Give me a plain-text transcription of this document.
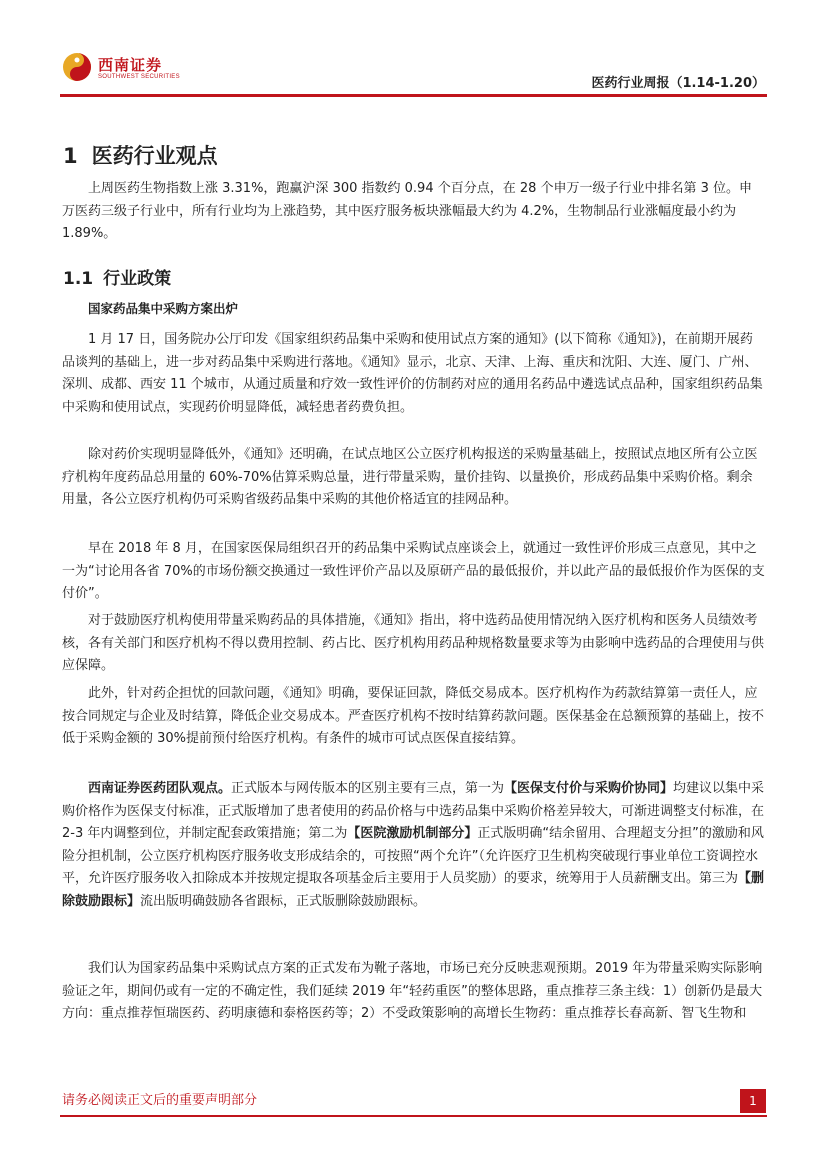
西南证券
SOUTHWEST SECURITIES	医药行业周报（1.14-1.20）
1 医药行业观点

上周医药生物指数上涨 3.31%，跑赢沪深 300 指数约 0.94 个百分点，在 28 个申万一级子行业中排名第 3 位。申万医药三级子行业中，所有行业均为上涨趋势，其中医疗服务板块涨幅最大约为 4.2%，生物制品行业涨幅度最小约为 1.89%。

1.1 行业政策
国家药品集中采购方案出炉

1 月 17 日，国务院办公厅印发《国家组织药品集中采购和使用试点方案的通知》(以下简称《通知》)，在前期开展药品谈判的基础上，进一步对药品集中采购进行落地。《通知》显示，北京、天津、上海、重庆和沈阳、大连、厦门、广州、深圳、成都、西安 11 个城市，从通过质量和疗效一致性评价的仿制药对应的通用名药品中遴选试点品种，国家组织药品集中采购和使用试点，实现药价明显降低，减轻患者药费负担。

除对药价实现明显降低外，《通知》还明确，在试点地区公立医疗机构报送的采购量基础上，按照试点地区所有公立医疗机构年度药品总用量的 60%-70%估算采购总量，进行带量采购，量价挂钩、以量换价，形成药品集中采购价格。剩余用量，各公立医疗机构仍可采购省级药品集中采购的其他价格适宜的挂网品种。

早在 2018 年 8 月，在国家医保局组织召开的药品集中采购试点座谈会上，就通过一致性评价形成三点意见，其中之一为“讨论用各省 70%的市场份额交换通过一致性评价产品以及原研产品的最低报价，并以此产品的最低报价作为医保的支付价”。

对于鼓励医疗机构使用带量采购药品的具体措施，《通知》指出，将中选药品使用情况纳入医疗机构和医务人员绩效考核，各有关部门和医疗机构不得以费用控制、药占比、医疗机构用药品种规格数量要求等为由影响中选药品的合理使用与供应保障。

此外，针对药企担忧的回款问题，《通知》明确，要保证回款，降低交易成本。医疗机构作为药款结算第一责任人，应按合同规定与企业及时结算，降低企业交易成本。严查医疗机构不按时结算药款问题。医保基金在总额预算的基础上，按不低于采购金额的 30%提前预付给医疗机构。有条件的城市可试点医保直接结算。

西南证券医药团队观点。正式版本与网传版本的区别主要有三点，第一为【医保支付价与采购价协同】均建议以集中采购价格作为医保支付标准，正式版增加了患者使用的药品价格与中选药品集中采购价格差异较大，可渐进调整支付标准，在 2-3 年内调整到位，并制定配套政策措施；第二为【医院激励机制部分】正式版明确“结余留用、合理超支分担”的激励和风险分担机制，公立医疗机构医疗服务收支形成结余的，可按照“两个允许”（允许医疗卫生机构突破现行事业单位工资调控水平，允许医疗服务收入扣除成本并按规定提取各项基金后主要用于人员奖励）的要求，统筹用于人员薪酬支出。第三为【删除鼓励跟标】流出版明确鼓励各省跟标，正式版删除鼓励跟标。

我们认为国家药品集中采购试点方案的正式发布为靴子落地，市场已充分反映悲观预期。2019 年为带量采购实际影响验证之年，期间仍或有一定的不确定性，我们延续 2019 年“轻药重医”的整体思路，重点推荐三条主线：1）创新仍是最大方向：重点推荐恒瑞医药、药明康德和泰格医药等；2）不受政策影响的高增长生物药：重点推荐长春高新、智飞生物和

请务必阅读正文后的重要声明部分	1
